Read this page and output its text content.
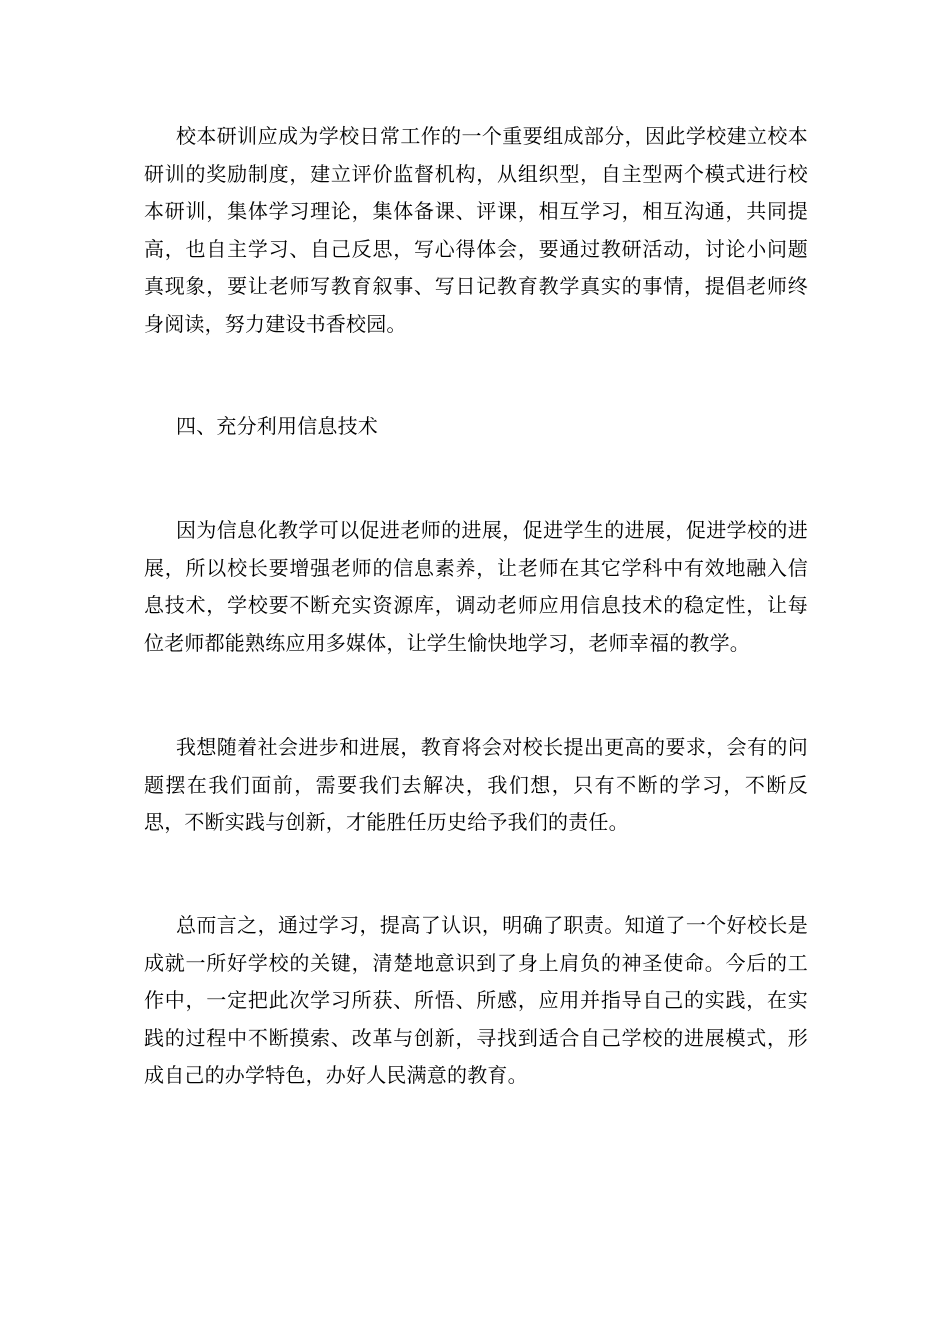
校本研训应成为学校日常工作的一个重要组成部分，因此学校建立校本研训的奖励制度，建立评价监督机构，从组织型，自主型两个模式进行校本研训，集体学习理论，集体备课、评课，相互学习，相互沟通，共同提高，也自主学习、自己反思，写心得体会，要通过教研活动，讨论小问题真现象，要让老师写教育叙事、写日记教育教学真实的事情，提倡老师终身阅读，努力建设书香校园。

四、充分利用信息技术

因为信息化教学可以促进老师的进展，促进学生的进展，促进学校的进展，所以校长要增强老师的信息素养，让老师在其它学科中有效地融入信息技术，学校要不断充实资源库，调动老师应用信息技术的稳定性，让每位老师都能熟练应用多媒体，让学生愉快地学习，老师幸福的教学。

我想随着社会进步和进展，教育将会对校长提出更高的要求，会有的问题摆在我们面前，需要我们去解决，我们想，只有不断的学习，不断反思，不断实践与创新，才能胜任历史给予我们的责任。

总而言之，通过学习，提高了认识，明确了职责。知道了一个好校长是成就一所好学校的关键，清楚地意识到了身上肩负的神圣使命。今后的工作中，一定把此次学习所获、所悟、所感，应用并指导自己的实践，在实践的过程中不断摸索、改革与创新，寻找到适合自己学校的进展模式，形成自己的办学特色，办好人民满意的教育。
